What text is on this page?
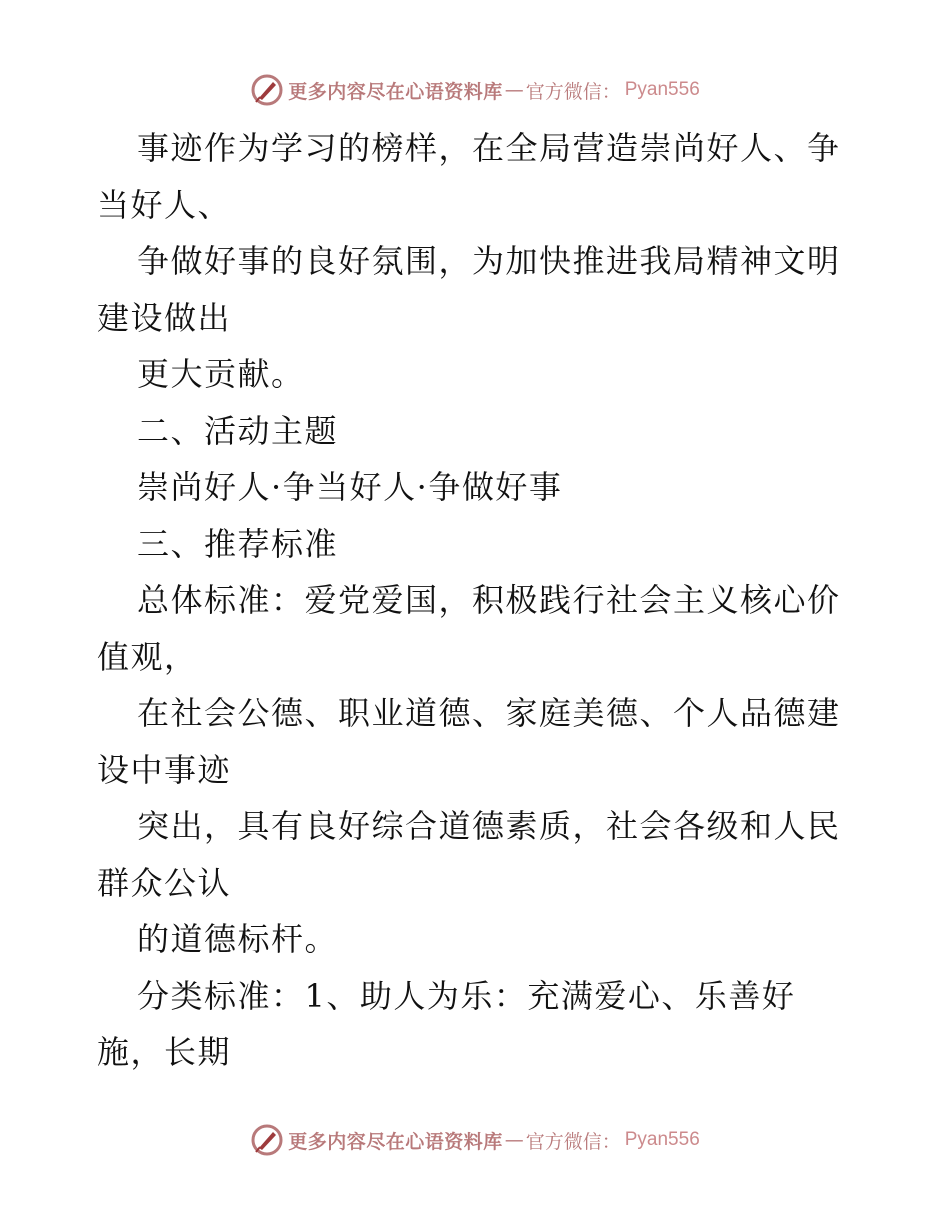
更多内容尽在心语资料库 — 官方微信： Pyan556
事迹作为学习的榜样，在全局营造崇尚好人、争
当好人、
争做好事的良好氛围，为加快推进我局精神文明
建设做出
更大贡献。
二、活动主题
崇尚好人·争当好人·争做好事
三、推荐标准
总体标准：爱党爱国，积极践行社会主义核心价
值观，
在社会公德、职业道德、家庭美德、个人品德建
设中事迹
突出，具有良好综合道德素质，社会各级和人民
群众公认
的道德标杆。
分类标准：1、助人为乐：充满爱心、乐善好
施，长期
更多内容尽在心语资料库 — 官方微信： Pyan556
